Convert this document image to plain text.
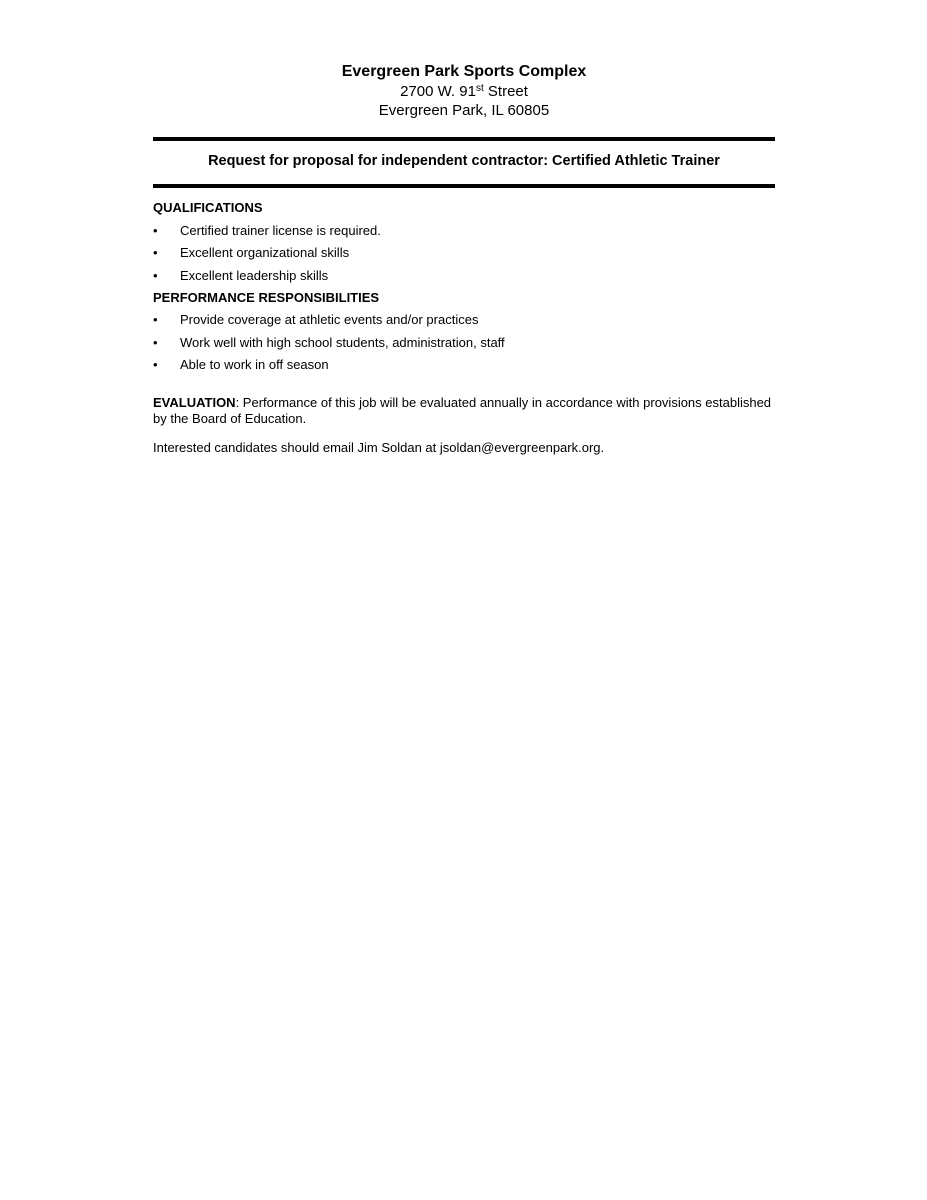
Evergreen Park Sports Complex
2700 W. 91st Street
Evergreen Park, IL 60805
Request for proposal for independent contractor: Certified Athletic Trainer
QUALIFICATIONS
•	Certified trainer license is required.
•	Excellent organizational skills
•	Excellent leadership skills
PERFORMANCE RESPONSIBILITIES
•	Provide coverage at athletic events and/or practices
•	Work well with high school students, administration, staff
•	Able to work in off season

EVALUATION: Performance of this job will be evaluated annually in accordance with provisions established by the Board of Education.

Interested candidates should email Jim Soldan at jsoldan@evergreenpark.org.
